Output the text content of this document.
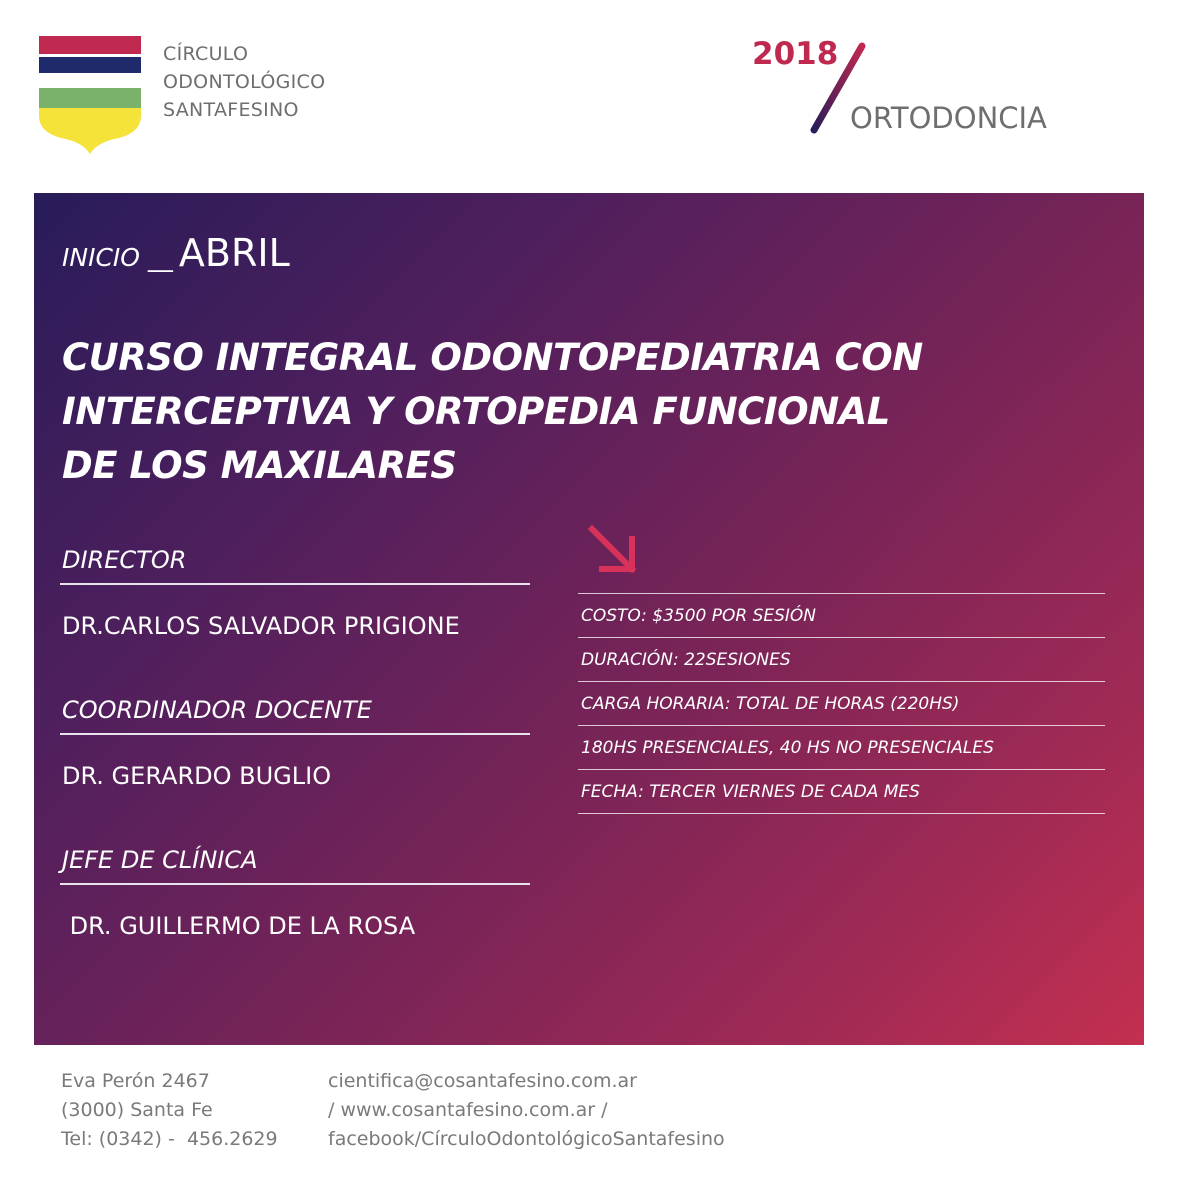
CÍRCULO
ODONTOLÓGICO
SANTAFESINO
2018
ORTODONCIA
INICIO __ ABRIL
CURSO INTEGRAL ODONTOPEDIATRIA CON
INTERCEPTIVA Y ORTOPEDIA FUNCIONAL
DE LOS MAXILARES
DIRECTOR
DR.CARLOS SALVADOR PRIGIONE
COORDINADOR DOCENTE
DR. GERARDO BUGLIO
JEFE DE CLÍNICA
DR. GUILLERMO DE LA ROSA
COSTO: $3500 POR SESIÓN
DURACIÓN: 22SESIONES
CARGA HORARIA: TOTAL DE HORAS (220HS)
180HS PRESENCIALES, 40 HS NO PRESENCIALES
FECHA: TERCER VIERNES DE CADA MES
Eva Perón 2467
(3000) Santa Fe
Tel: (0342) -  456.2629
cientifica@cosantafesino.com.ar
/ www.cosantafesino.com.ar /
facebook/CírculoOdontológicoSantafesino
